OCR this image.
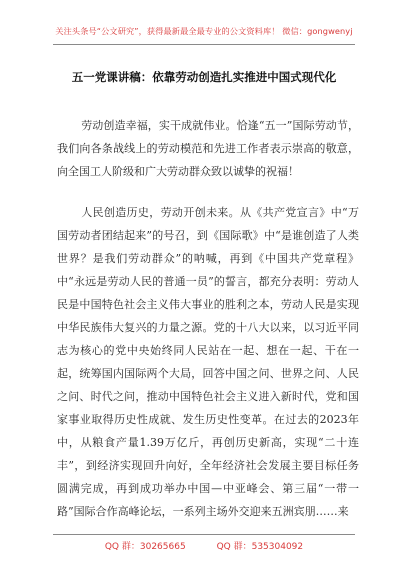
关注头条号“公文研究”，获得最新最全最专业的公文资料库！ 微信：gongwenyj
五一党课讲稿：依靠劳动创造扎实推进中国式现代化

劳动创造幸福，实干成就伟业。恰逢“五一”国际劳动节，我们向各条战线上的劳动模范和先进工作者表示崇高的敬意，向全国工人阶级和广大劳动群众致以诚挚的祝福！

人民创造历史，劳动开创未来。从《共产党宣言》中“万国劳动者团结起来”的号召，到《国际歌》中“是谁创造了人类世界？是我们劳动群众”的呐喊，再到《中国共产党章程》中“永远是劳动人民的普通一员”的誓言，都充分表明：劳动人民是中国特色社会主义伟大事业的胜利之本，劳动人民是实现中华民族伟大复兴的力量之源。党的十八大以来，以习近平同志为核心的党中央始终同人民站在一起、想在一起、干在一起，统筹国内国际两个大局，回答中国之问、世界之问、人民之问、时代之问，推动中国特色社会主义进入新时代，党和国家事业取得历史性成就、发生历史性变革。在过去的2023年中，从粮食产量1.39万亿斤，再创历史新高，实现“二十连丰”，到经济实现回升向好，全年经济社会发展主要目标任务圆满完成，再到成功举办中国—中亚峰会、第三届“一带一路”国际合作高峰论坛，一系列主场外交迎来五洲宾朋……来

QQ 群：30265665	QQ 群：535304092
